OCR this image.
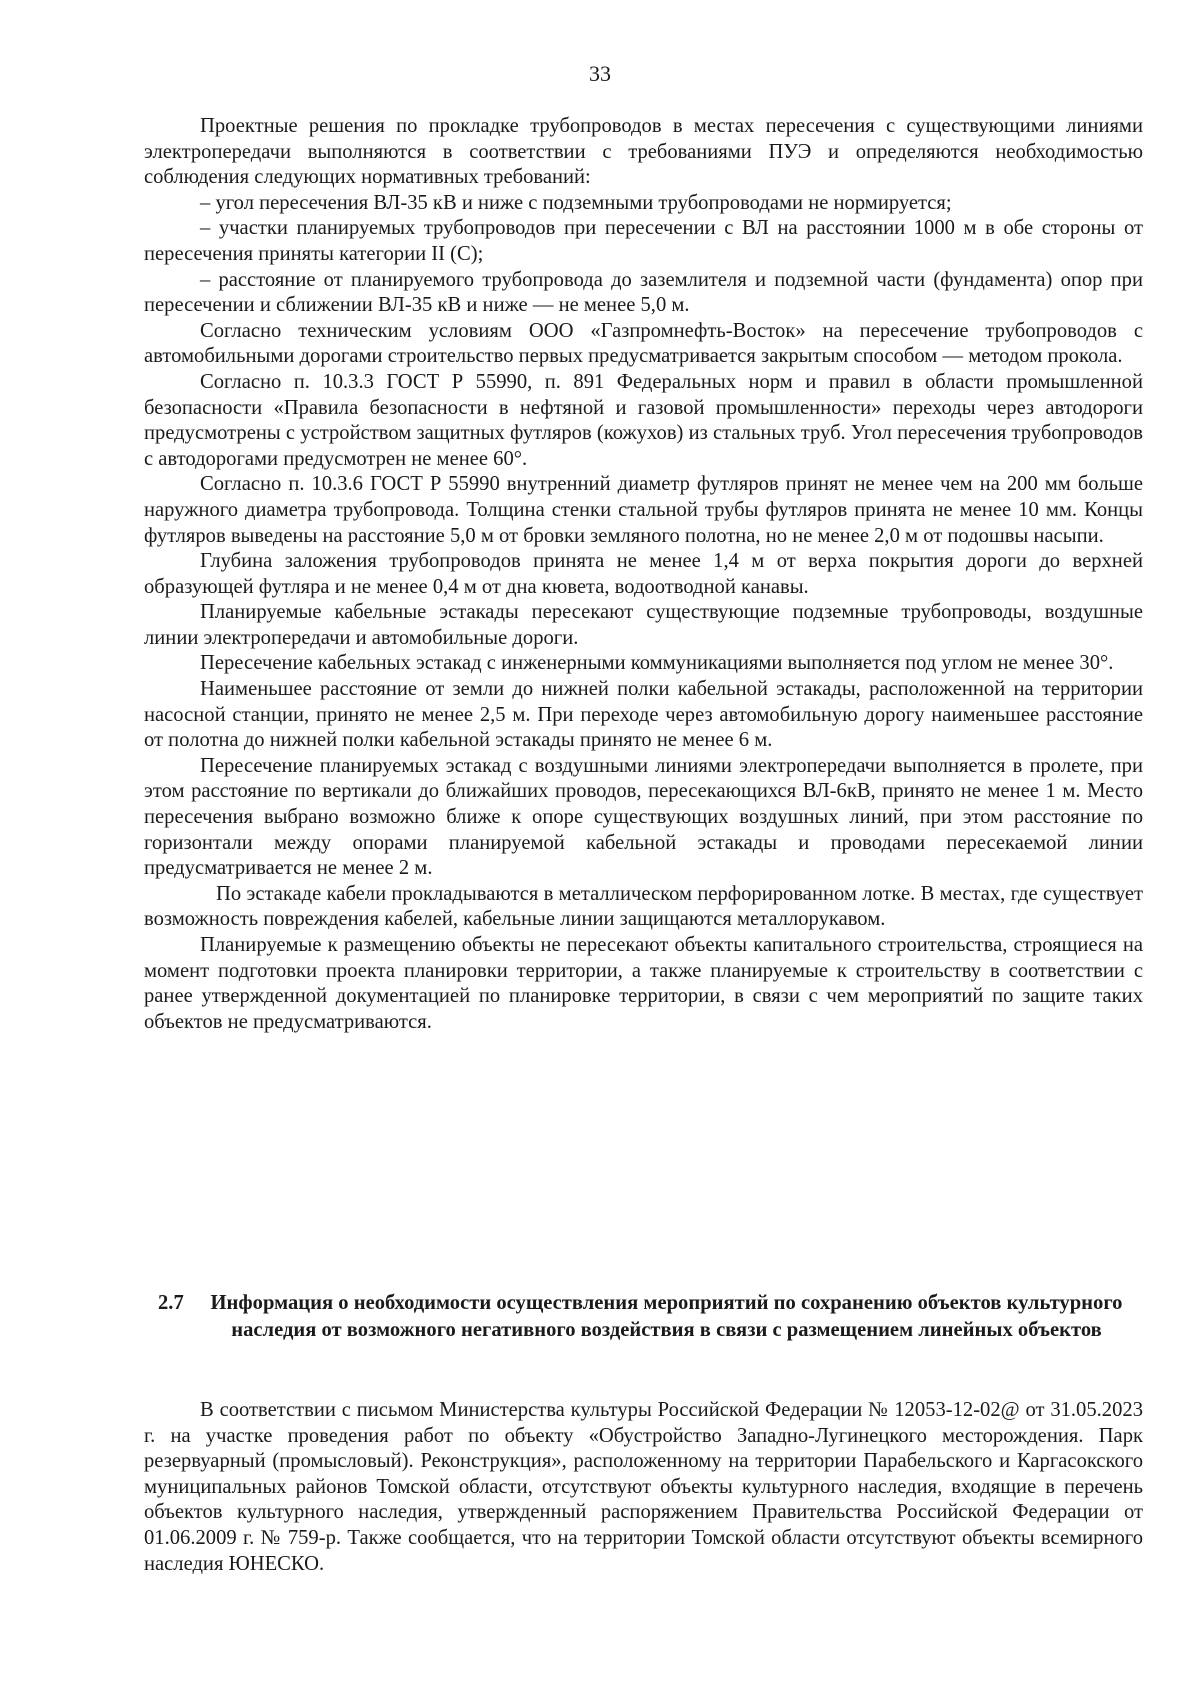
33

Проектные решения по прокладке трубопроводов в местах пересечения с существующими линиями электропередачи выполняются в соответствии с требованиями ПУЭ и определяются необходимостью соблюдения следующих нормативных требований:

– угол пересечения ВЛ-35 кВ и ниже с подземными трубопроводами не нормируется;

– участки планируемых трубопроводов при пересечении с ВЛ на расстоянии 1000 м в обе стороны от пересечения приняты категории II (С);

– расстояние от планируемого трубопровода до заземлителя и подземной части (фундамента) опор при пересечении и сближении ВЛ-35 кВ и ниже — не менее 5,0 м.

Согласно техническим условиям ООО «Газпромнефть-Восток» на пересечение трубопроводов с автомобильными дорогами строительство первых предусматривается закрытым способом — методом прокола.

Согласно п. 10.3.3 ГОСТ Р 55990, п. 891 Федеральных норм и правил в области промышленной безопасности «Правила безопасности в нефтяной и газовой промышленности» переходы через автодороги предусмотрены с устройством защитных футляров (кожухов) из стальных труб. Угол пересечения трубопроводов с автодорогами предусмотрен не менее 60°.

Согласно п. 10.3.6 ГОСТ Р 55990 внутренний диаметр футляров принят не менее чем на 200 мм больше наружного диаметра трубопровода. Толщина стенки стальной трубы футляров принята не менее 10 мм. Концы футляров выведены на расстояние 5,0 м от бровки земляного полотна, но не менее 2,0 м от подошвы насыпи.

Глубина заложения трубопроводов принята не менее 1,4 м от верха покрытия дороги до верхней образующей футляра и не менее 0,4 м от дна кювета, водоотводной канавы.

Планируемые кабельные эстакады пересекают существующие подземные трубопроводы, воздушные линии электропередачи и автомобильные дороги.

Пересечение кабельных эстакад с инженерными коммуникациями выполняется под углом не менее 30°.

Наименьшее расстояние от земли до нижней полки кабельной эстакады, расположенной на территории насосной станции, принято не менее 2,5 м. При переходе через автомобильную дорогу наименьшее расстояние от полотна до нижней полки кабельной эстакады принято не менее 6 м.

Пересечение планируемых эстакад с воздушными линиями электропередачи выполняется в пролете, при этом расстояние по вертикали до ближайших проводов, пересекающихся ВЛ-6кВ, принято не менее 1 м. Место пересечения выбрано возможно ближе к опоре существующих воздушных линий, при этом расстояние по горизонтали между опорами планируемой кабельной эстакады и проводами пересекаемой линии предусматривается не менее 2 м.

По эстакаде кабели прокладываются в металлическом перфорированном лотке. В местах, где существует возможность повреждения кабелей, кабельные линии защищаются металлорукавом.

Планируемые к размещению объекты не пересекают объекты капитального строительства, строящиеся на момент подготовки проекта планировки территории, а также планируемые к строительству в соответствии с ранее утвержденной документацией по планировке территории, в связи с чем мероприятий по защите таких объектов не предусматриваются.

2.7	Информация о необходимости осуществления мероприятий по сохранению объектов культурного наследия от возможного негативного воздействия в связи с размещением линейных объектов

В соответствии с письмом Министерства культуры Российской Федерации № 12053-12-02@ от 31.05.2023 г. на участке проведения работ по объекту «Обустройство Западно-Лугинецкого месторождения. Парк резервуарный (промысловый). Реконструкция», расположенному на территории Парабельского и Каргасокского муниципальных районов Томской области, отсутствуют объекты культурного наследия, входящие в перечень объектов культурного наследия, утвержденный распоряжением Правительства Российской Федерации от 01.06.2009 г. № 759-р. Также сообщается, что на территории Томской области отсутствуют объекты всемирного наследия ЮНЕСКО.
